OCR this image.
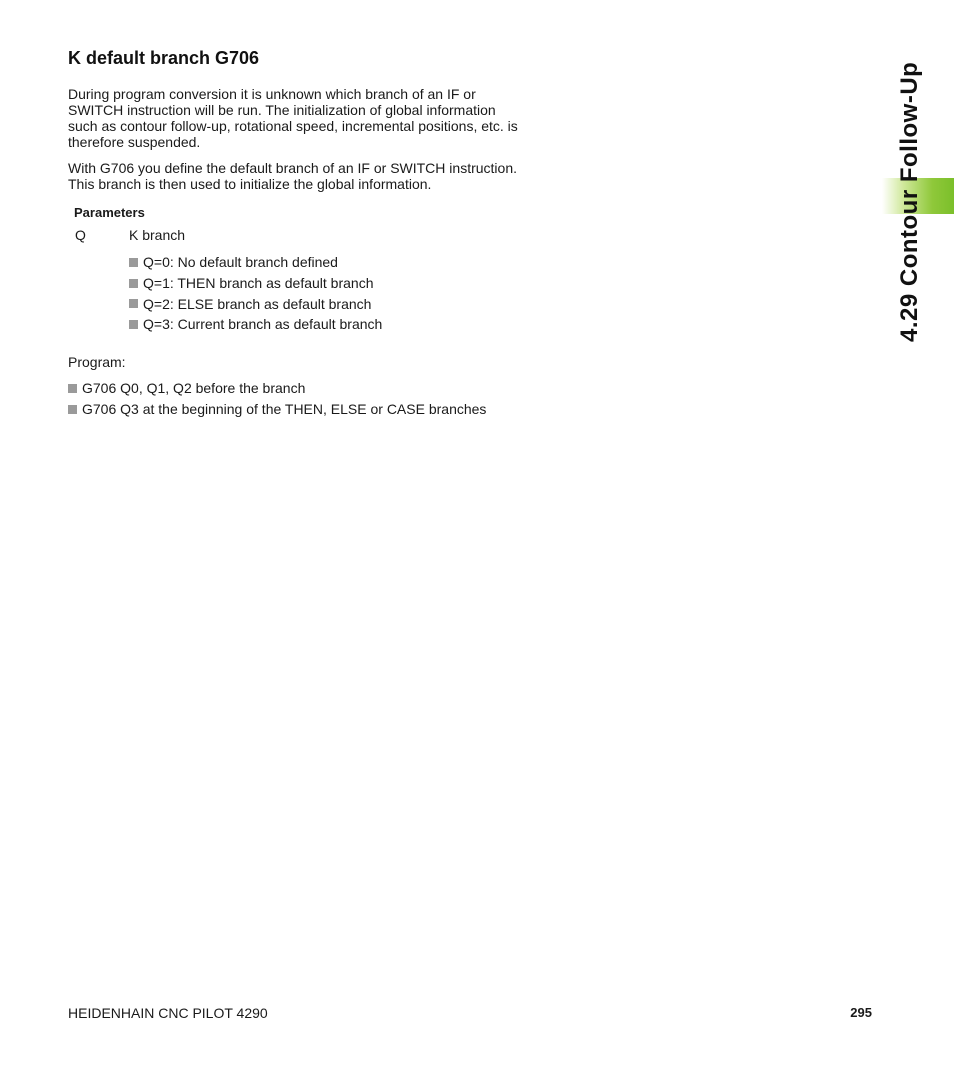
K default branch G706

During program conversion it is unknown which branch of an IF or SWITCH instruction will be run. The initialization of global information such as contour follow-up, rotational speed, incremental positions, etc. is therefore suspended.

With G706 you define the default branch of an IF or SWITCH instruction. This branch is then used to initialize the global information.

Parameters
Q	K branch
Q=0: No default branch defined
Q=1: THEN branch as default branch
Q=2: ELSE branch as default branch
Q=3: Current branch as default branch

Program:

G706 Q0, Q1, Q2 before the branch
G706 Q3 at the beginning of the THEN, ELSE or CASE branches
4.29 Contour Follow-Up
HEIDENHAIN CNC PILOT 4290	295
